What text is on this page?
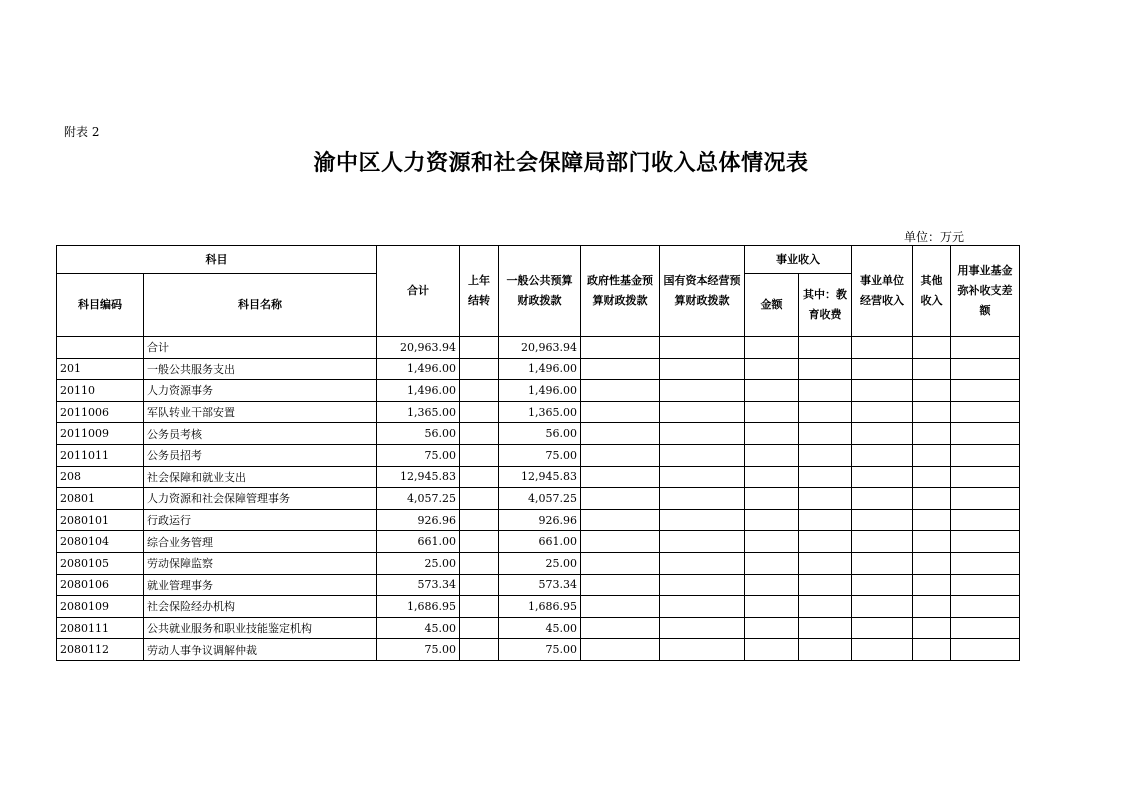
附表 2
渝中区人力资源和社会保障局部门收入总体情况表
单位：万元
科目		合计	上年结转	一般公共预算财政拨款	政府性基金预算财政拨款	国有资本经营预算财政拨款	事业收入		事业单位经营收入	其他收入	用事业基金弥补收支差额
科目编码	科目名称						金额	其中：教育收费			
	合计	20,963.94		20,963.94							
201	一般公共服务支出	1,496.00		1,496.00							
20110	人力资源事务	1,496.00		1,496.00							
2011006	军队转业干部安置	1,365.00		1,365.00							
2011009	公务员考核	56.00		56.00							
2011011	公务员招考	75.00		75.00							
208	社会保障和就业支出	12,945.83		12,945.83							
20801	人力资源和社会保障管理事务	4,057.25		4,057.25							
2080101	行政运行	926.96		926.96							
2080104	综合业务管理	661.00		661.00							
2080105	劳动保障监察	25.00		25.00							
2080106	就业管理事务	573.34		573.34							
2080109	社会保险经办机构	1,686.95		1,686.95							
2080111	公共就业服务和职业技能鉴定机构	45.00		45.00							
2080112	劳动人事争议调解仲裁	75.00		75.00							
